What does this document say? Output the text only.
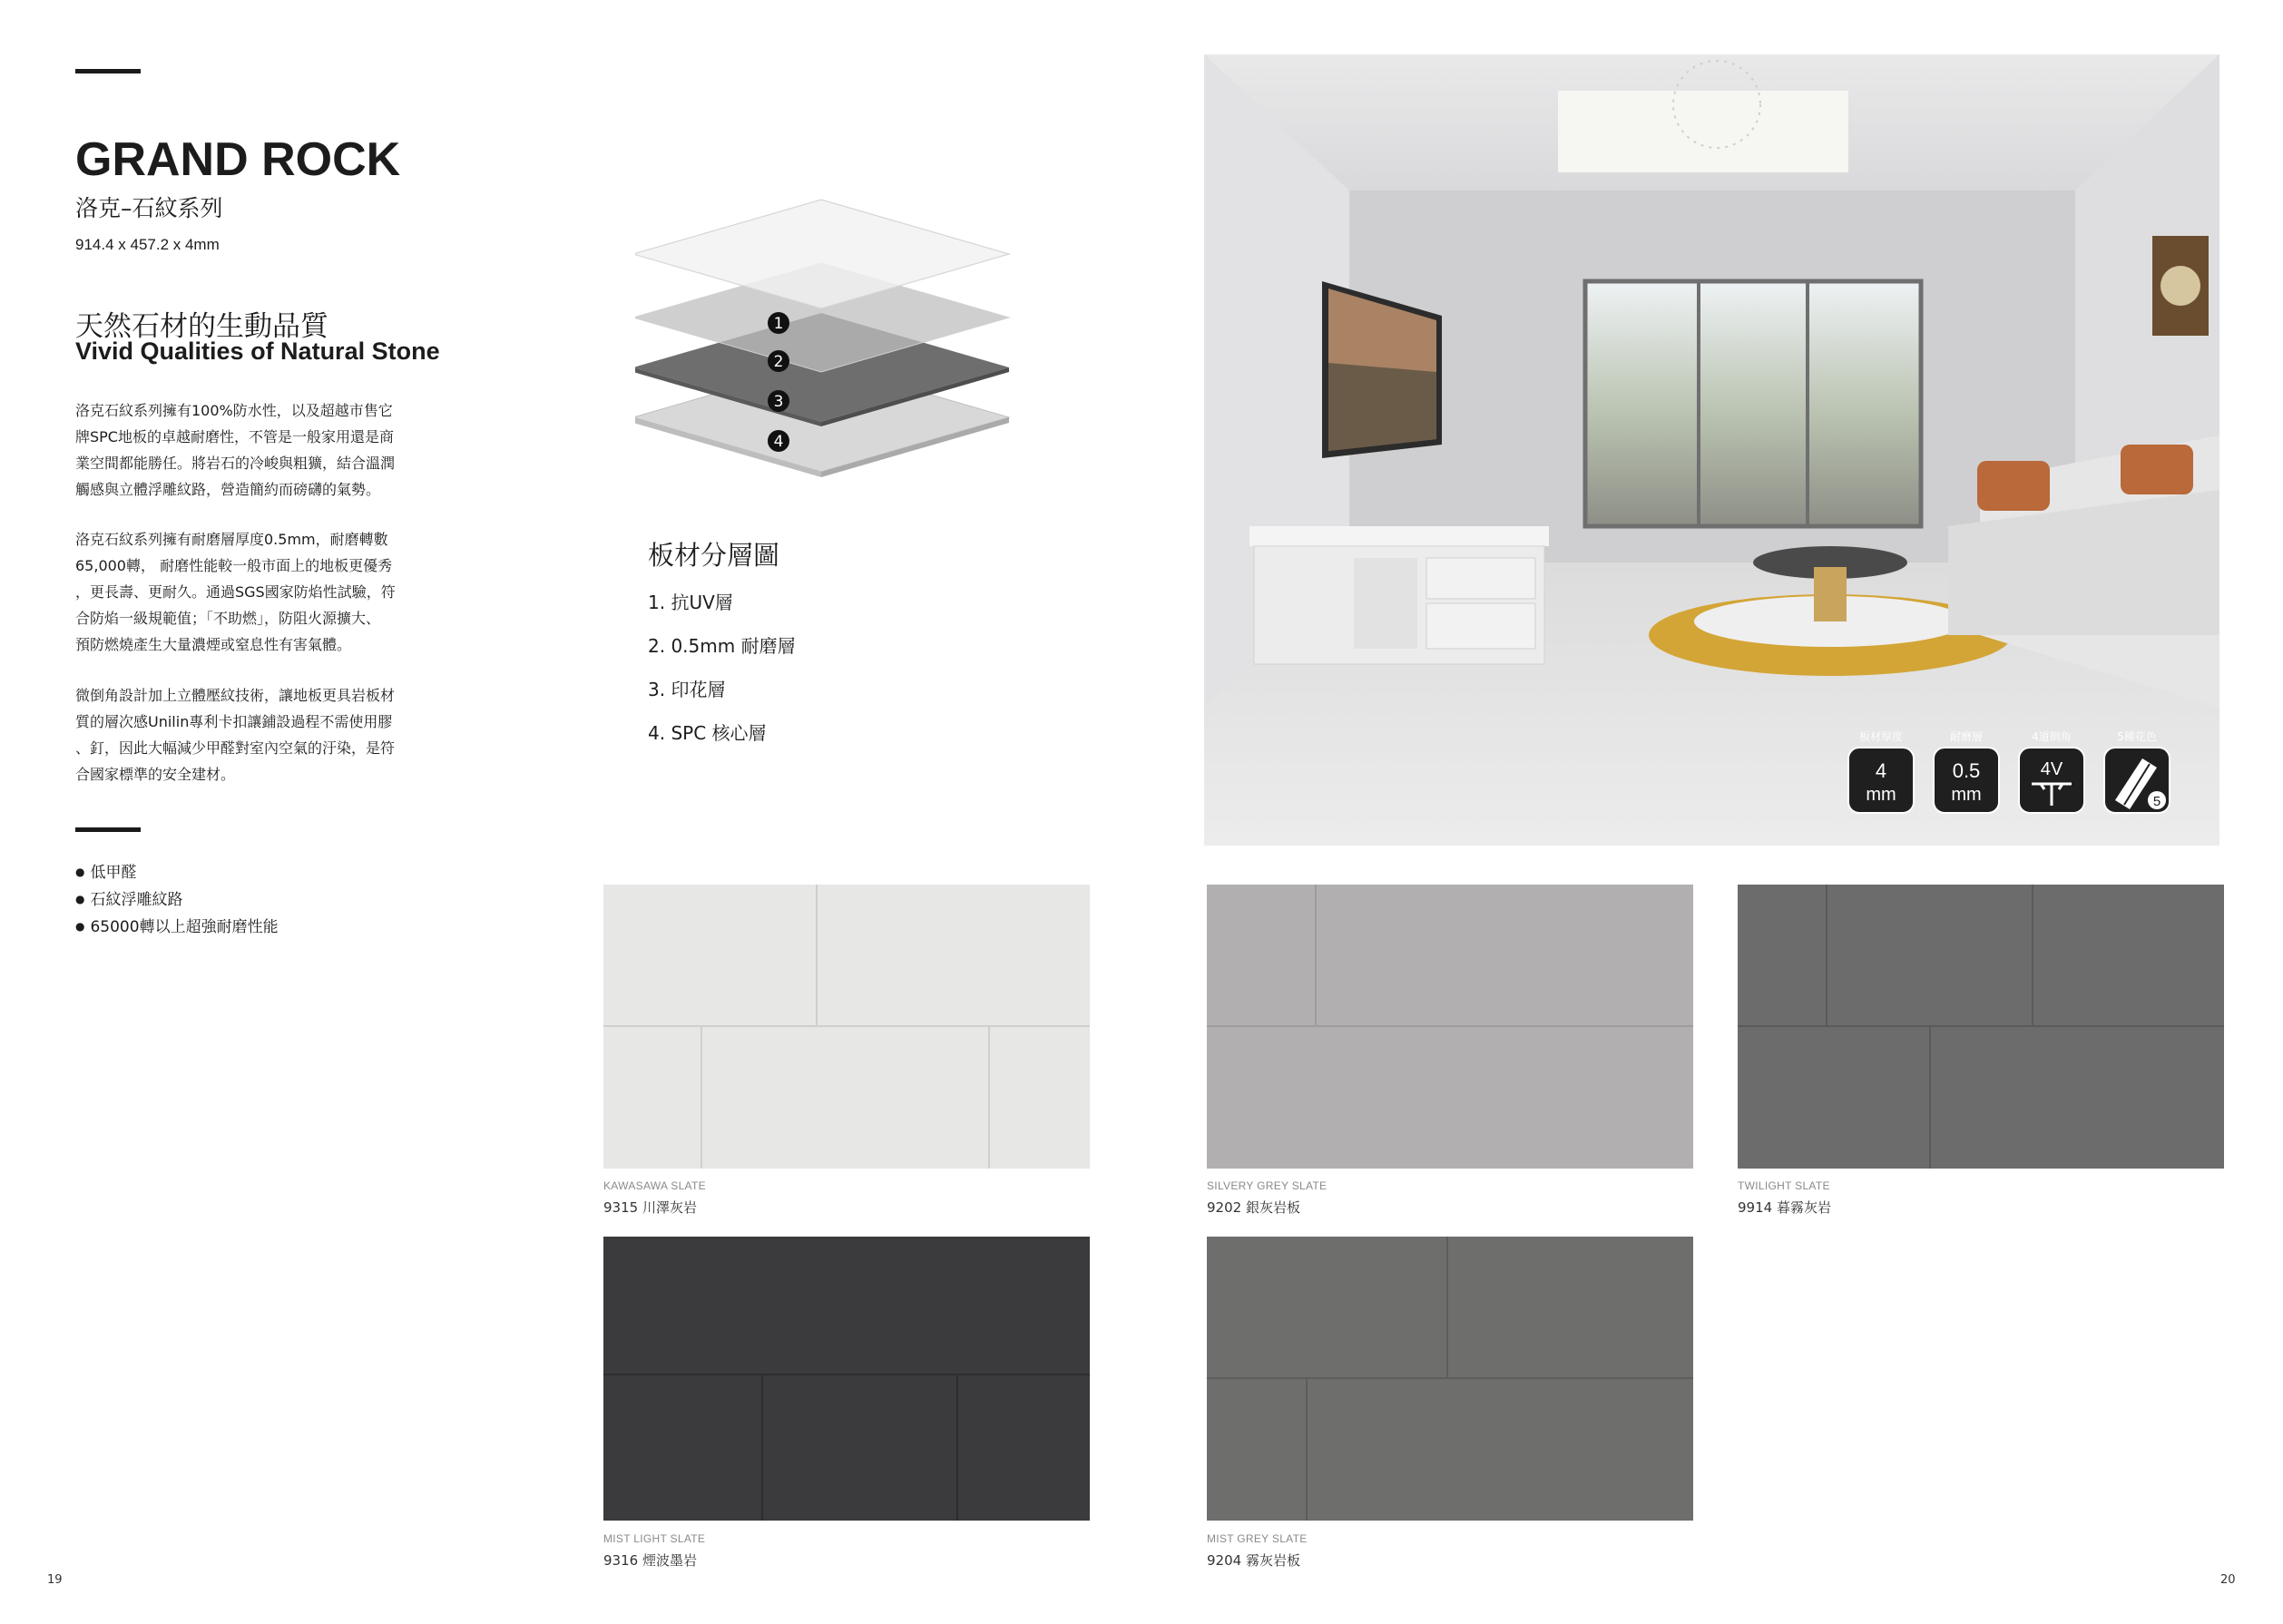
GRAND ROCK
洛克–石紋系列
914.4 x 457.2 x 4mm
天然石材的生動品質
Vivid Qualities of Natural Stone
洛克石紋系列擁有100%防水性，以及超越市售它
牌SPC地板的卓越耐磨性，不管是一般家用還是商
業空間都能勝任。將岩石的冷峻與粗獷，結合溫潤
觸感與立體浮雕紋路，營造簡約而磅礴的氣勢。
洛克石紋系列擁有耐磨層厚度0.5mm，耐磨轉數
65,000轉， 耐磨性能較一般市面上的地板更優秀
，更長壽、更耐久。通過SGS國家防焰性試驗，符
合防焰一級規範值；「不助燃」，防阻火源擴大、
預防燃燒產生大量濃煙或窒息性有害氣體。
微倒角設計加上立體壓紋技術，讓地板更具岩板材
質的層次感Unilin專利卡扣讓鋪設過程不需使用膠
、釘，因此大幅減少甲醛對室內空氣的汙染，是符
合國家標準的安全建材。
● 低甲醛
● 石紋浮雕紋路
● 65000轉以上超強耐磨性能
1
2
3
4
板材分層圖
1. 抗UV層
2. 0.5mm 耐磨層
3. 印花層
4. SPC 核心層	板材厚度
4
mm
耐磨層
0.5
mm
4道倒角
4V
5種花色
5
KAWASAWA SLATE
9315 川澤灰岩
SILVERY GREY SLATE
9202 銀灰岩板
TWILIGHT SLATE
9914 暮霧灰岩
MIST LIGHT SLATE
9316 煙波墨岩
MIST GREY SLATE
9204 霧灰岩板
19	20
